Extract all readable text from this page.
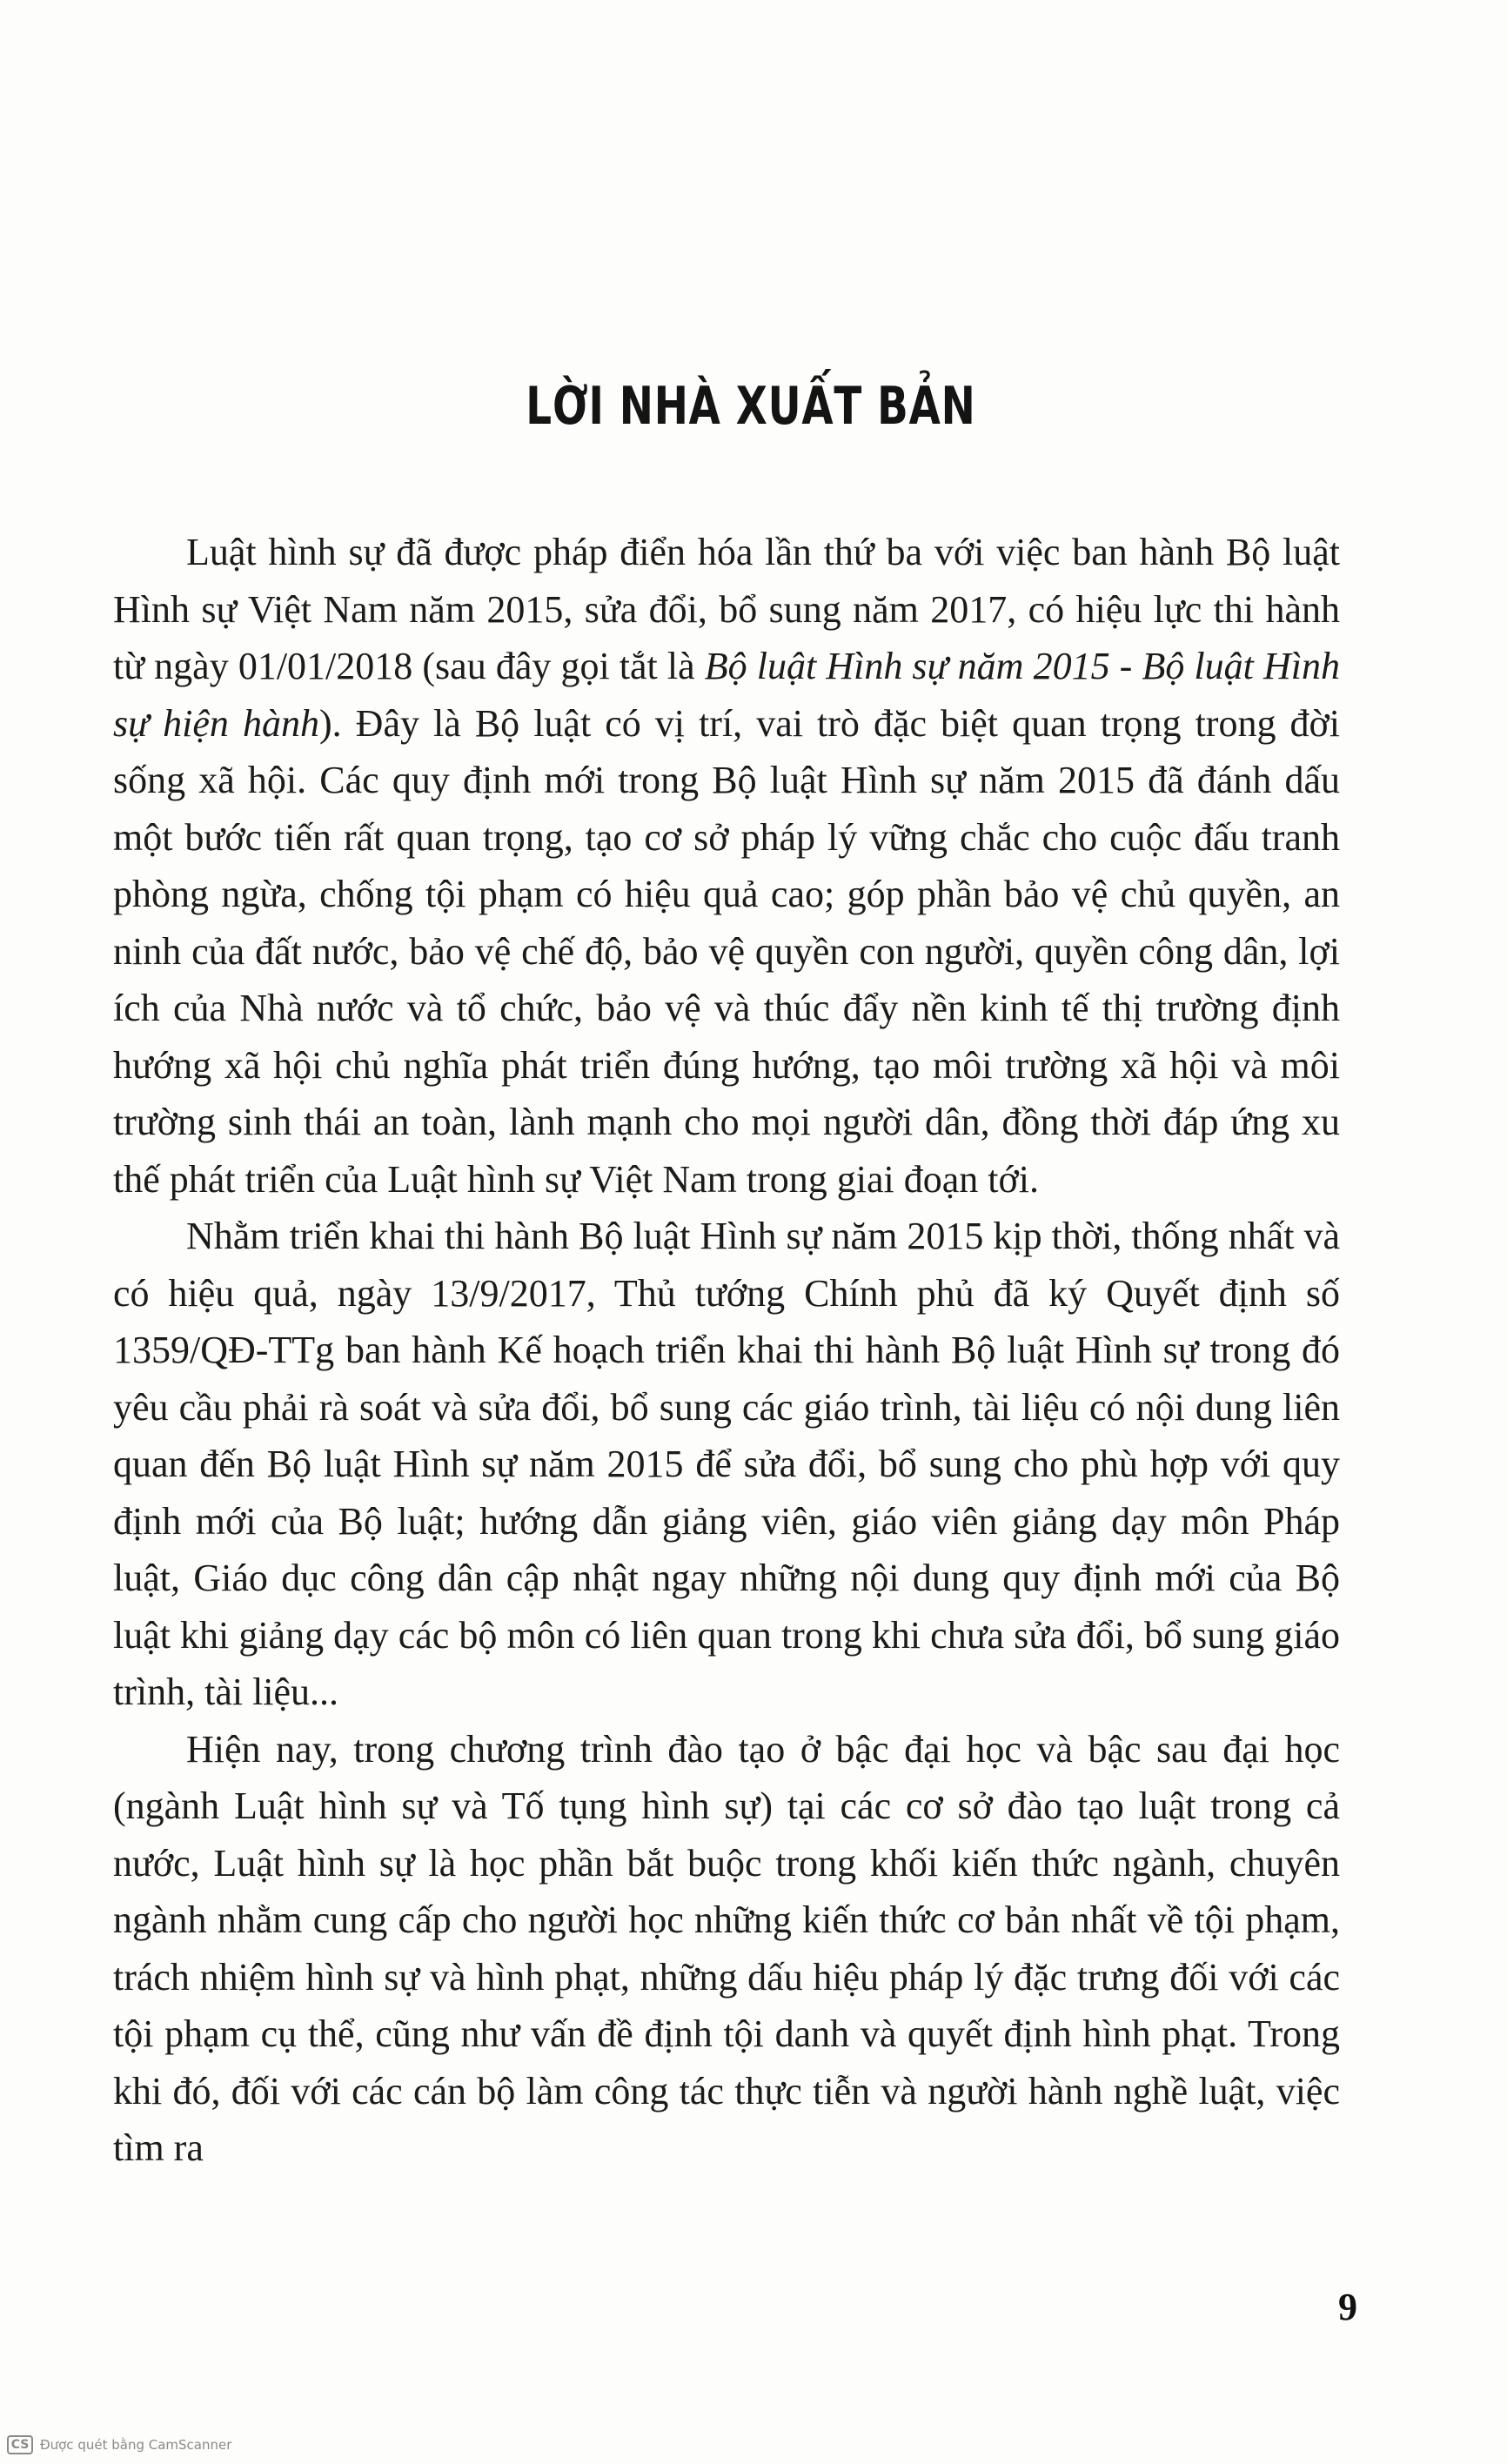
LỜI NHÀ XUẤT BẢN

Luật hình sự đã được pháp điển hóa lần thứ ba với việc ban hành Bộ luật Hình sự Việt Nam năm 2015, sửa đổi, bổ sung năm 2017, có hiệu lực thi hành từ ngày 01/01/2018 (sau đây gọi tắt là Bộ luật Hình sự năm 2015 - Bộ luật Hình sự hiện hành). Đây là Bộ luật có vị trí, vai trò đặc biệt quan trọng trong đời sống xã hội. Các quy định mới trong Bộ luật Hình sự năm 2015 đã đánh dấu một bước tiến rất quan trọng, tạo cơ sở pháp lý vững chắc cho cuộc đấu tranh phòng ngừa, chống tội phạm có hiệu quả cao; góp phần bảo vệ chủ quyền, an ninh của đất nước, bảo vệ chế độ, bảo vệ quyền con người, quyền công dân, lợi ích của Nhà nước và tổ chức, bảo vệ và thúc đẩy nền kinh tế thị trường định hướng xã hội chủ nghĩa phát triển đúng hướng, tạo môi trường xã hội và môi trường sinh thái an toàn, lành mạnh cho mọi người dân, đồng thời đáp ứng xu thế phát triển của Luật hình sự Việt Nam trong giai đoạn tới.

Nhằm triển khai thi hành Bộ luật Hình sự năm 2015 kịp thời, thống nhất và có hiệu quả, ngày 13/9/2017, Thủ tướng Chính phủ đã ký Quyết định số 1359/QĐ-TTg ban hành Kế hoạch triển khai thi hành Bộ luật Hình sự trong đó yêu cầu phải rà soát và sửa đổi, bổ sung các giáo trình, tài liệu có nội dung liên quan đến Bộ luật Hình sự năm 2015 để sửa đổi, bổ sung cho phù hợp với quy định mới của Bộ luật; hướng dẫn giảng viên, giáo viên giảng dạy môn Pháp luật, Giáo dục công dân cập nhật ngay những nội dung quy định mới của Bộ luật khi giảng dạy các bộ môn có liên quan trong khi chưa sửa đổi, bổ sung giáo trình, tài liệu...

Hiện nay, trong chương trình đào tạo ở bậc đại học và bậc sau đại học (ngành Luật hình sự và Tố tụng hình sự) tại các cơ sở đào tạo luật trong cả nước, Luật hình sự là học phần bắt buộc trong khối kiến thức ngành, chuyên ngành nhằm cung cấp cho người học những kiến thức cơ bản nhất về tội phạm, trách nhiệm hình sự và hình phạt, những dấu hiệu pháp lý đặc trưng đối với các tội phạm cụ thể, cũng như vấn đề định tội danh và quyết định hình phạt. Trong khi đó, đối với các cán bộ làm công tác thực tiễn và người hành nghề luật, việc tìm ra

9
CS Được quét bằng CamScanner
